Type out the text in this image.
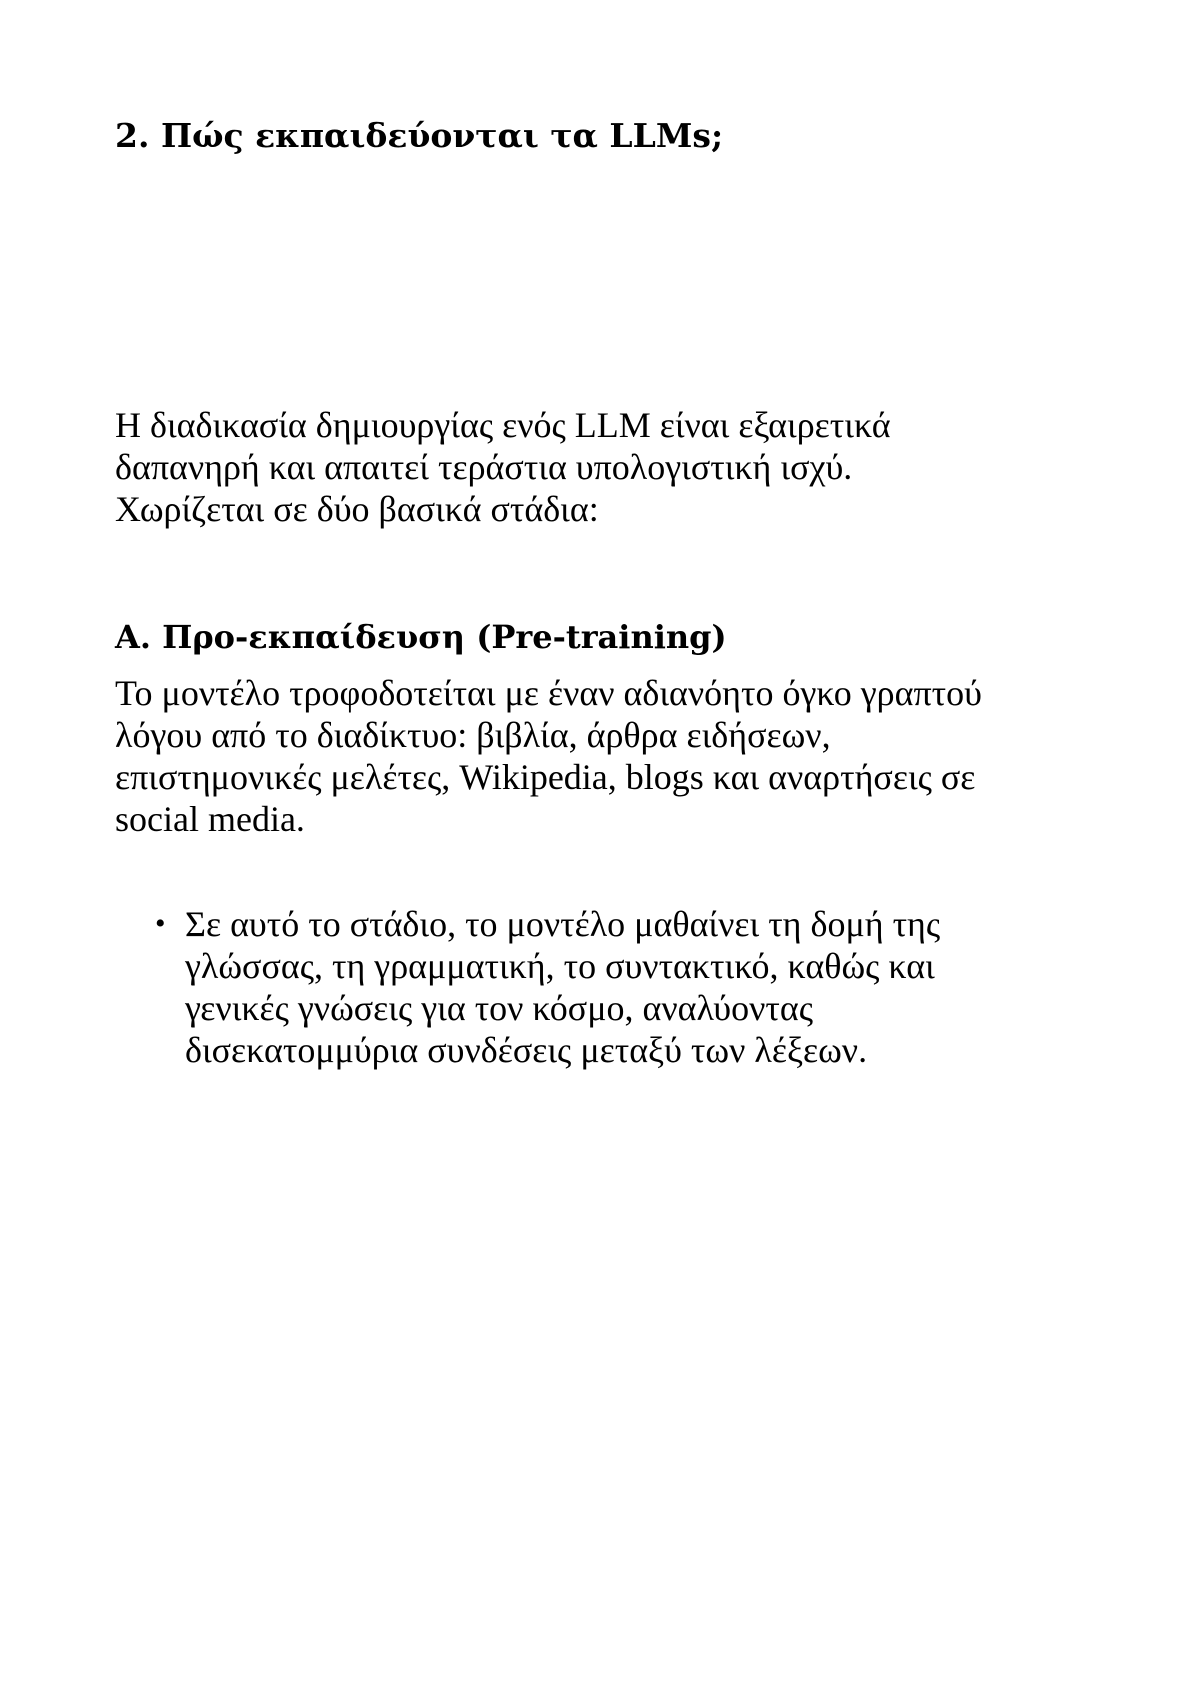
2. Πώς εκπαιδεύονται τα LLMs;

Η διαδικασία δημιουργίας ενός LLM είναι εξαιρετικά
δαπανηρή και απαιτεί τεράστια υπολογιστική ισχύ.
Χωρίζεται σε δύο βασικά στάδια:

A. Προ-εκπαίδευση (Pre-training)

Το μοντέλο τροφοδοτείται με έναν αδιανόητο όγκο γραπτού
λόγου από το διαδίκτυο: βιβλία, άρθρα ειδήσεων,
επιστημονικές μελέτες, Wikipedia, blogs και αναρτήσεις σε
social media.

• Σε αυτό το στάδιο, το μοντέλο μαθαίνει τη δομή της
γλώσσας, τη γραμματική, το συντακτικό, καθώς και
γενικές γνώσεις για τον κόσμο, αναλύοντας
δισεκατομμύρια συνδέσεις μεταξύ των λέξεων.
